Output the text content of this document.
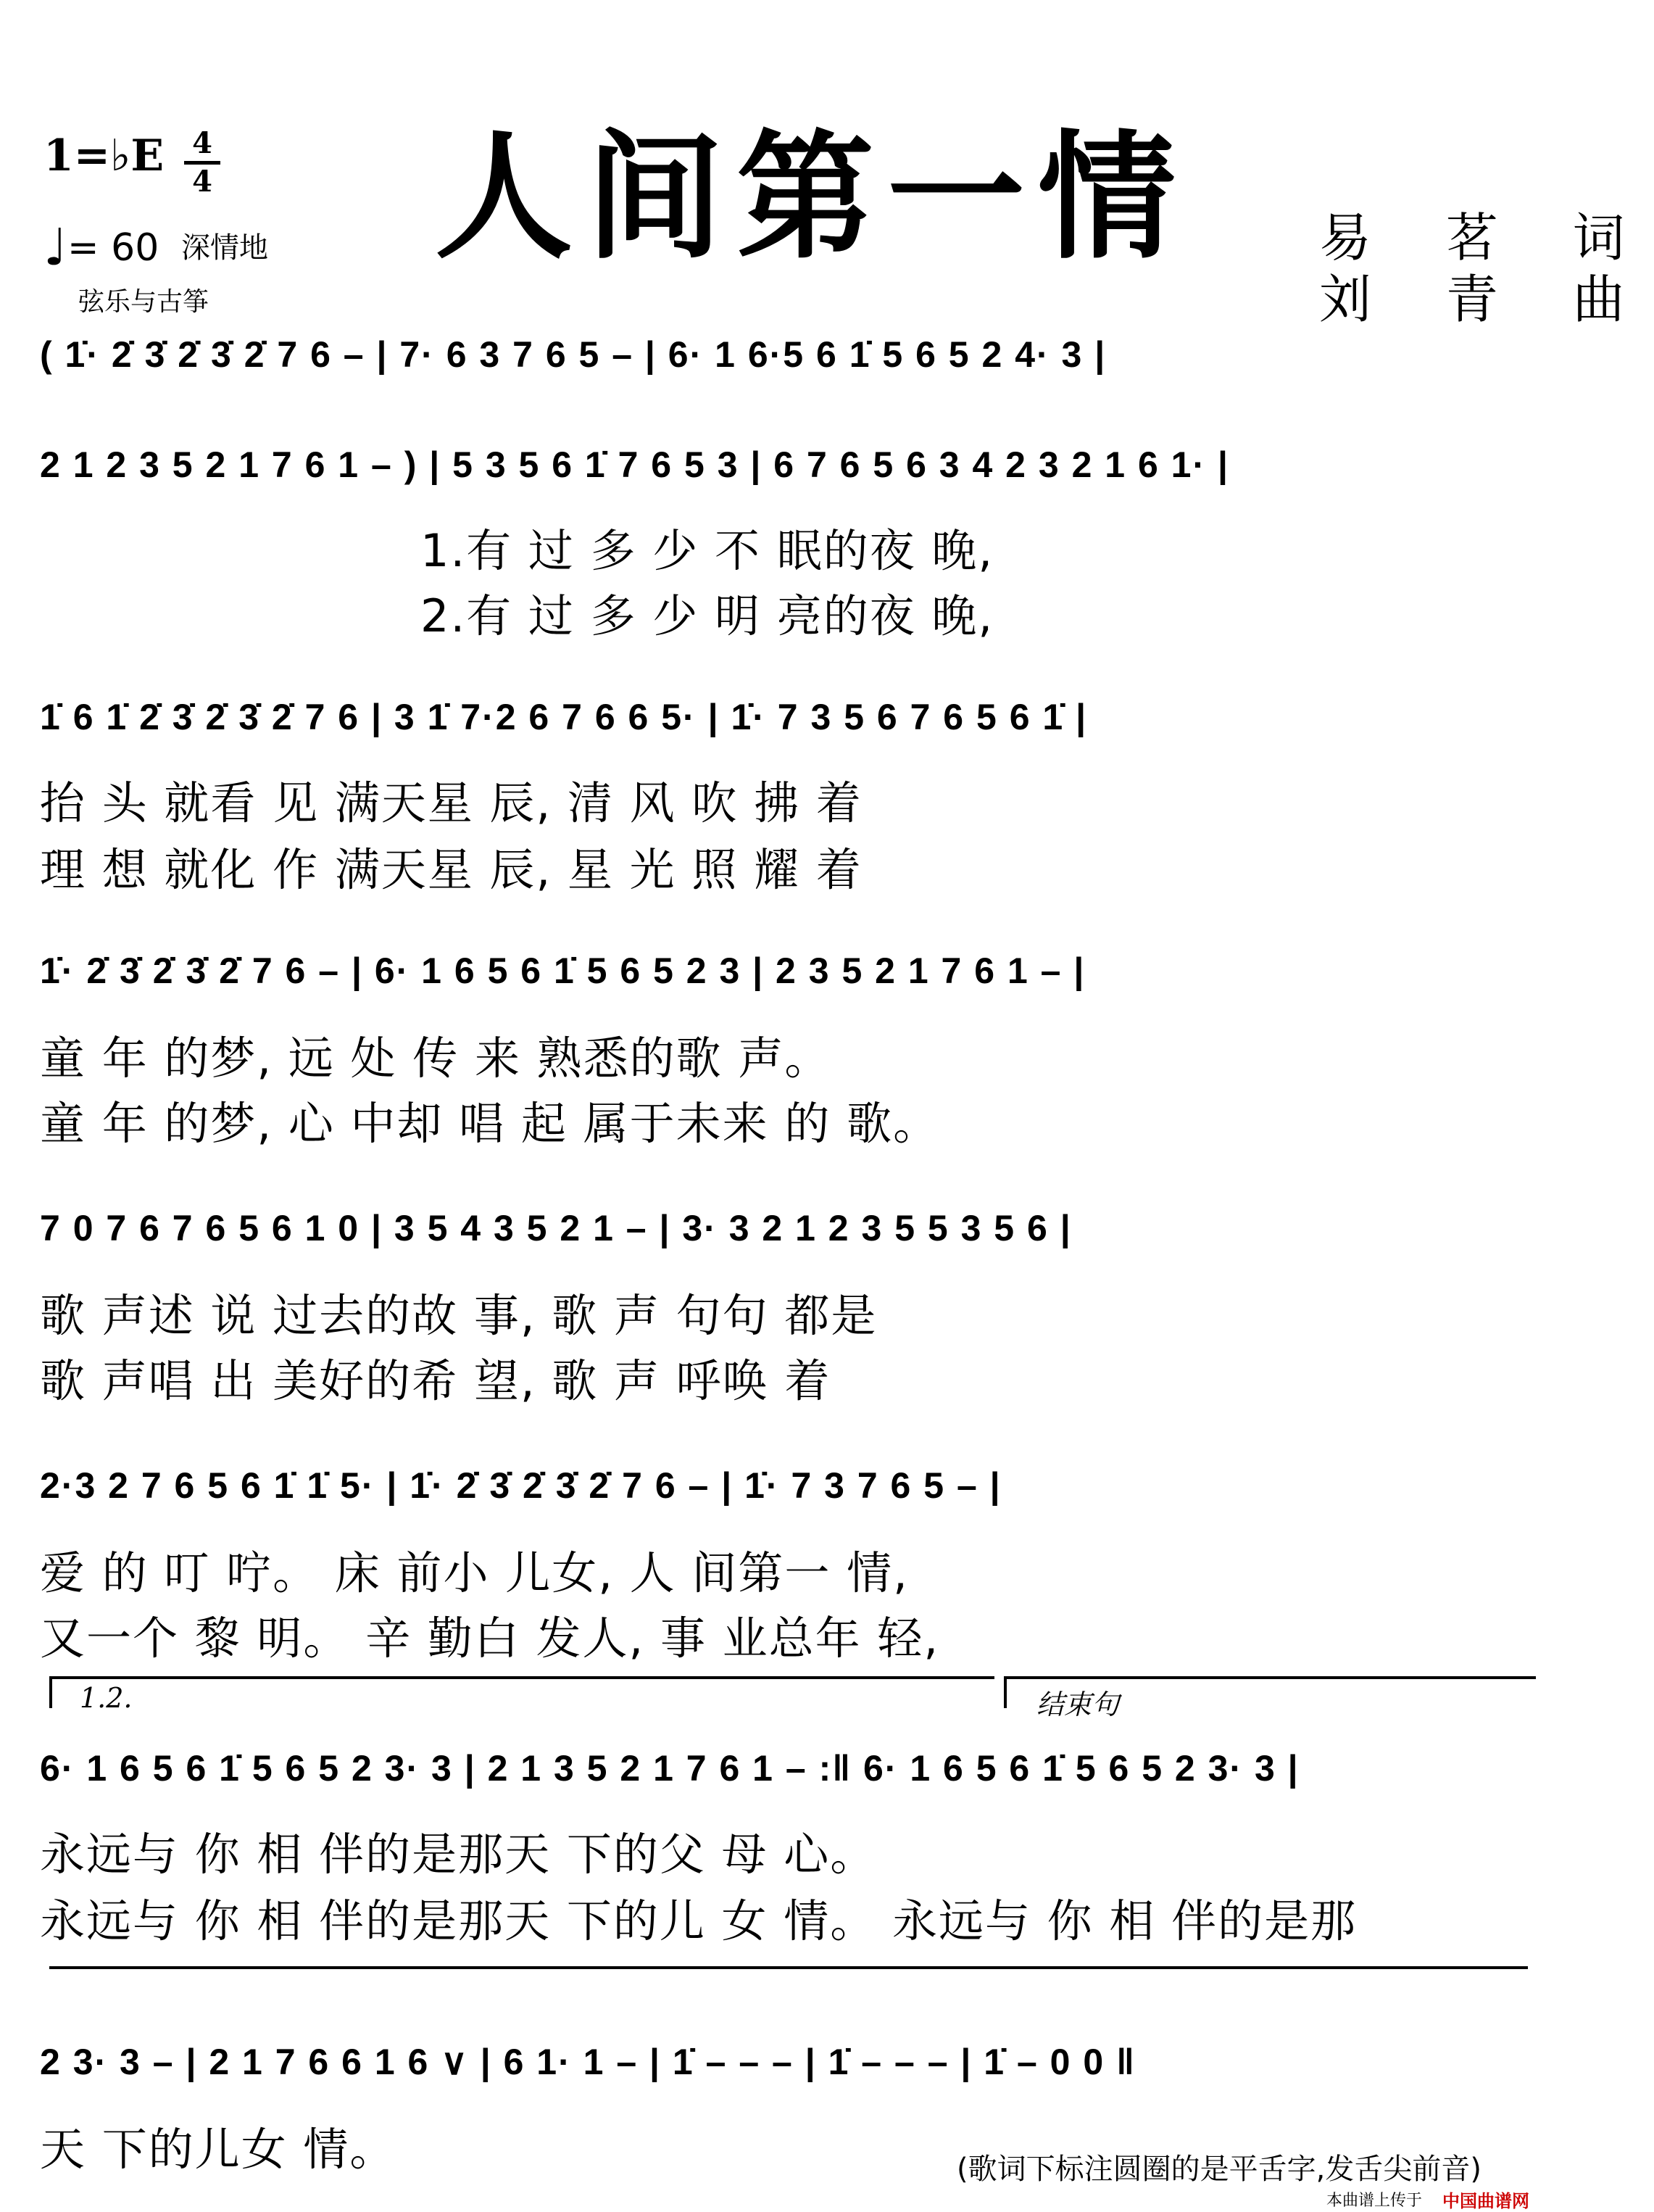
1=♭E 4
4
♩= 60 深情地
弦乐与古筝
人间第一情 易 茗 词
刘 青 曲
( 1̇· 2̇ 3̇ 2̇ 3̇ 2̇ 7 6 – | 7· 6 3 7 6 5 – | 6· 1 6·5 6 1̇ 5 6 5 2 4· 3 |
2 1 2 3 5 2 1 7 6 1 – ) | 5 3 5 6 1̇ 7 6 5 3 | 6 7 6 5 6 3 4 2 3 2 1 6 1· |
1.有 过 多 少 不 眠的夜 晚,
2.有 过 多 少 明 亮的夜 晚,
1̇ 6 1̇ 2̇ 3̇ 2̇ 3̇ 2̇ 7 6 | 3 1̇ 7·2 6 7 6 6 5· | 1̇· 7 3 5 6 7 6 5 6 1̇ |
抬 头 就看 见 满天星 辰, 清 风 吹 拂 着
理 想 就化 作 满天星 辰, 星 光 照 耀 着
1̇· 2̇ 3̇ 2̇ 3̇ 2̇ 7 6 – | 6· 1 6 5 6 1̇ 5 6 5 2 3 | 2 3 5 2 1 7 6 1 – |
童 年 的梦, 远 处 传 来 熟悉的歌 声。
童 年 的梦, 心 中却 唱 起 属于未来 的 歌。
7 0 7 6 7 6 5 6 1 0 | 3 5 4 3 5 2 1 – | 3· 3 2 1 2 3 5 5 3 5 6 |
歌 声述 说 过去的故 事, 歌 声 句句 都是
歌 声唱 出 美好的希 望, 歌 声 呼唤 着
2·3 2 7 6 5 6 1̇ 1̇ 5· | 1̇· 2̇ 3̇ 2̇ 3̇ 2̇ 7 6 – | 1̇· 7 3 7 6 5 – |
爱 的 叮 咛。 床 前小 儿女, 人 间第一 情,
又一个 黎 明。 辛 勤白 发人, 事 业总年 轻,
1.2.	结束句
6· 1 6 5 6 1̇ 5 6 5 2 3· 3 | 2 1 3 5 2 1 7 6 1 – :‖ 6· 1 6 5 6 1̇ 5 6 5 2 3· 3 |
永远与 你 相 伴的是那天 下的父 母 心。
永远与 你 相 伴的是那天 下的儿 女 情。 永远与 你 相 伴的是那
2 3· 3 – | 2 1 7 6 6 1 6 ∨ | 6 1· 1 – | 1̇ – – – | 1̇ – – – | 1̇ – 0 0 ‖
天 下的儿女 情。	(歌词下标注圆圈的是平舌字,发舌尖前音)
本曲谱上传于 中国曲谱网
